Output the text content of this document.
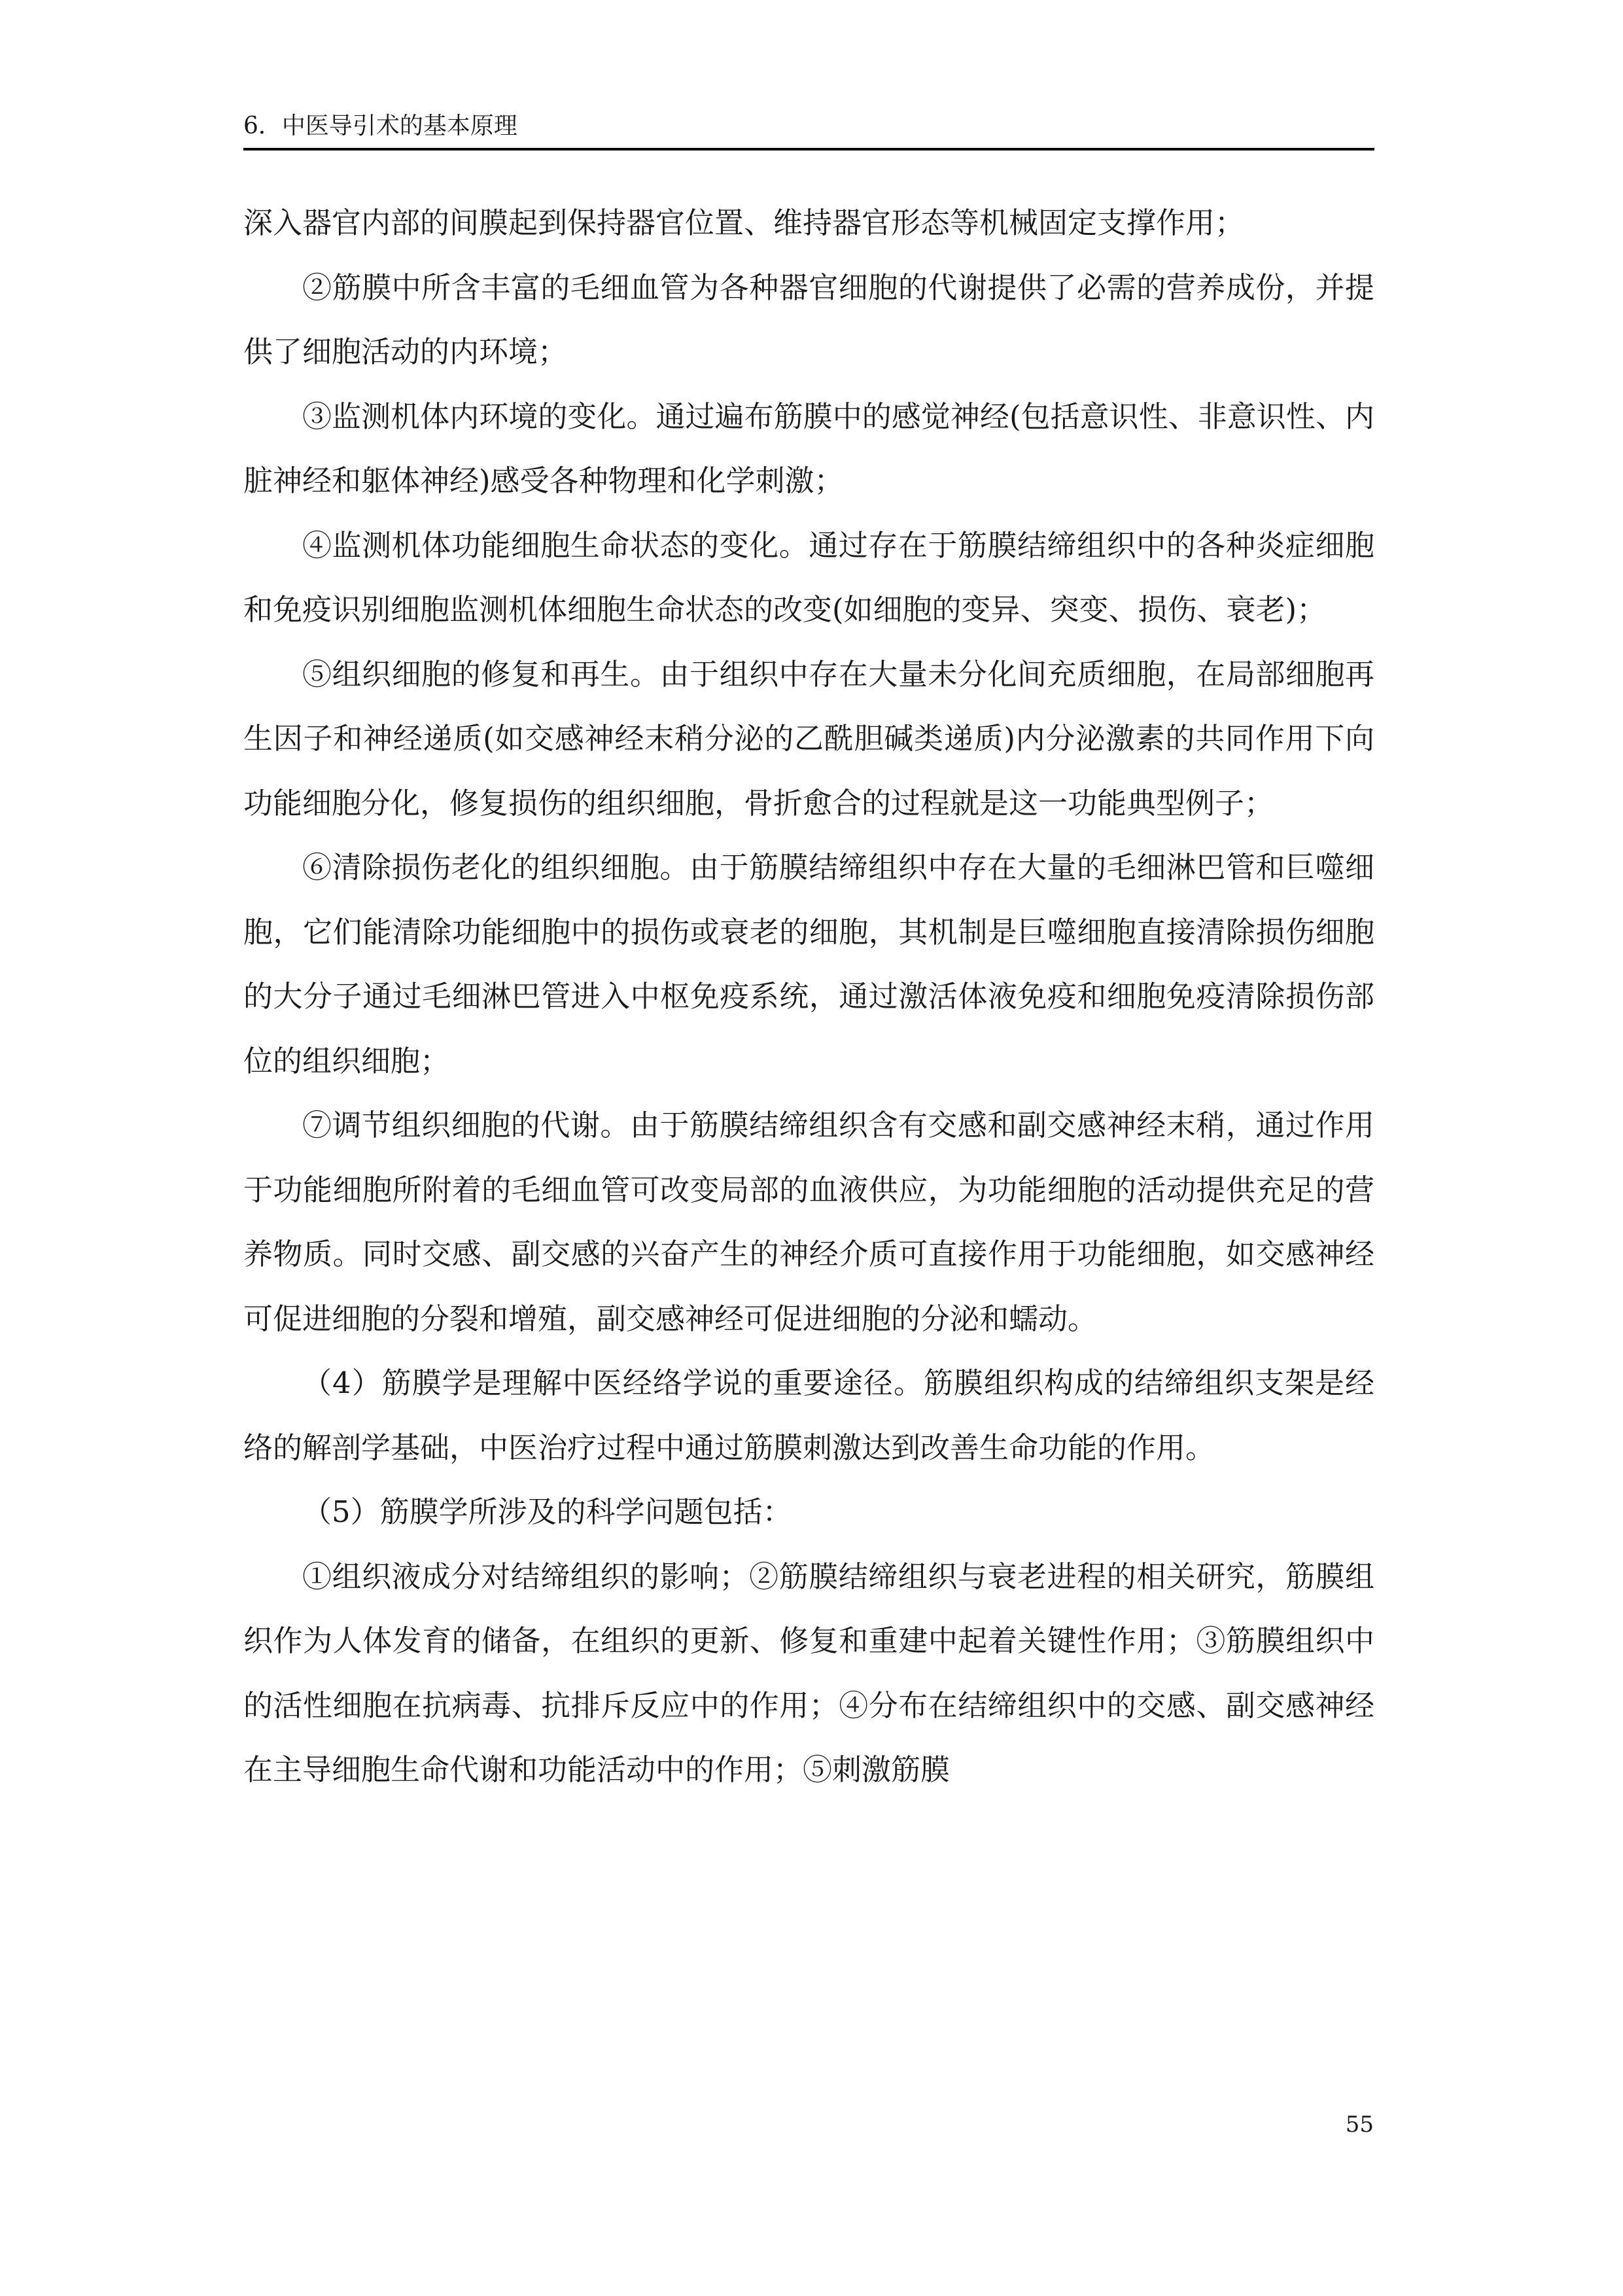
6．中医导引术的基本原理

深入器官内部的间膜起到保持器官位置、维持器官形态等机械固定支撑作用；

②筋膜中所含丰富的毛细血管为各种器官细胞的代谢提供了必需的营养成份，并提供了细胞活动的内环境；

③监测机体内环境的变化。通过遍布筋膜中的感觉神经(包括意识性、非意识性、内脏神经和躯体神经)感受各种物理和化学刺激；

④监测机体功能细胞生命状态的变化。通过存在于筋膜结缔组织中的各种炎症细胞和免疫识别细胞监测机体细胞生命状态的改变(如细胞的变异、突变、损伤、衰老)；

⑤组织细胞的修复和再生。由于组织中存在大量未分化间充质细胞，在局部细胞再生因子和神经递质(如交感神经末稍分泌的乙酰胆碱类递质)内分泌激素的共同作用下向功能细胞分化，修复损伤的组织细胞，骨折愈合的过程就是这一功能典型例子；

⑥清除损伤老化的组织细胞。由于筋膜结缔组织中存在大量的毛细淋巴管和巨噬细胞，它们能清除功能细胞中的损伤或衰老的细胞，其机制是巨噬细胞直接清除损伤细胞的大分子通过毛细淋巴管进入中枢免疫系统，通过激活体液免疫和细胞免疫清除损伤部位的组织细胞；

⑦调节组织细胞的代谢。由于筋膜结缔组织含有交感和副交感神经末稍，通过作用于功能细胞所附着的毛细血管可改变局部的血液供应，为功能细胞的活动提供充足的营养物质。同时交感、副交感的兴奋产生的神经介质可直接作用于功能细胞，如交感神经可促进细胞的分裂和增殖，副交感神经可促进细胞的分泌和蠕动。

（4）筋膜学是理解中医经络学说的重要途径。筋膜组织构成的结缔组织支架是经络的解剖学基础，中医治疗过程中通过筋膜刺激达到改善生命功能的作用。

（5）筋膜学所涉及的科学问题包括：

①组织液成分对结缔组织的影响；②筋膜结缔组织与衰老进程的相关研究，筋膜组织作为人体发育的储备，在组织的更新、修复和重建中起着关键性作用；③筋膜组织中的活性细胞在抗病毒、抗排斥反应中的作用；④分布在结缔组织中的交感、副交感神经在主导细胞生命代谢和功能活动中的作用；⑤刺激筋膜

55
